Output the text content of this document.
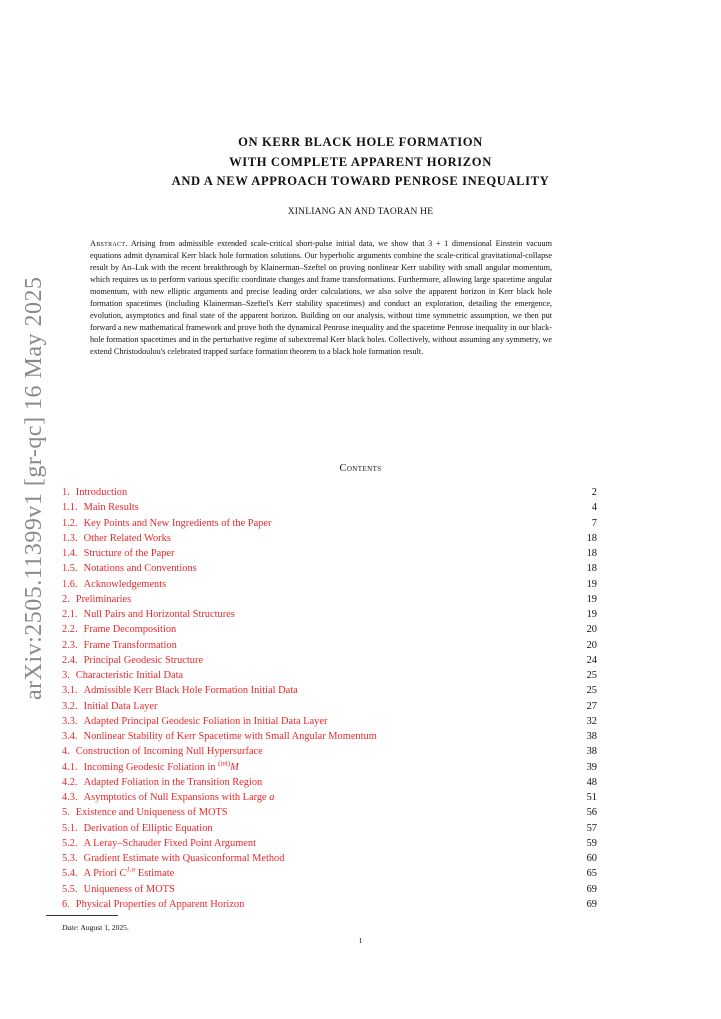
arXiv:2505.11399v1 [gr-qc] 16 May 2025
ON KERR BLACK HOLE FORMATION
WITH COMPLETE APPARENT HORIZON
AND A NEW APPROACH TOWARD PENROSE INEQUALITY
XINLIANG AN AND TAORAN HE
Abstract. Arising from admissible extended scale-critical short-pulse initial data, we show that 3 + 1 dimensional Einstein vacuum equations admit dynamical Kerr black hole formation solutions. Our hyperbolic arguments combine the scale-critical gravitational-collapse result by An–Luk with the recent breakthrough by Klainerman–Szeftel on proving nonlinear Kerr stability with small angular momentum, which requires us to perform various specific coordinate changes and frame transformations. Furthermore, allowing large spacetime angular momentum, with new elliptic arguments and precise leading order calculations, we also solve the apparent horizon in Kerr black hole formation spacetimes (including Klainerman–Szeftel's Kerr stability spacetimes) and conduct an exploration, detailing the emergence, evolution, asymptotics and final state of the apparent horizon. Building on our analysis, without time symmetric assumption, we then put forward a new mathematical framework and prove both the dynamical Penrose inequality and the spacetime Penrose inequality in our black-hole formation spacetimes and in the perturbative regime of subextremal Kerr black holes. Collectively, without assuming any symmetry, we extend Christodoulou's celebrated trapped surface formation theorem to a black hole formation result.
Contents
1. Introduction	2
1.1. Main Results	4
1.2. Key Points and New Ingredients of the Paper	7
1.3. Other Related Works	18
1.4. Structure of the Paper	18
1.5. Notations and Conventions	18
1.6. Acknowledgements	19
2. Preliminaries	19
2.1. Null Pairs and Horizontal Structures	19
2.2. Frame Decomposition	20
2.3. Frame Transformation	20
2.4. Principal Geodesic Structure	24
3. Characteristic Initial Data	25
3.1. Admissible Kerr Black Hole Formation Initial Data	25
3.2. Initial Data Layer	27
3.3. Adapted Principal Geodesic Foliation in Initial Data Layer	32
3.4. Nonlinear Stability of Kerr Spacetime with Small Angular Momentum	38
4. Construction of Incoming Null Hypersurface	38
4.1. Incoming Geodesic Foliation in $^{(int)}$M	39
4.2. Adapted Foliation in the Transition Region	48
4.3. Asymptotics of Null Expansions with Large a	51
5. Existence and Uniqueness of MOTS	56
5.1. Derivation of Elliptic Equation	57
5.2. A Leray–Schauder Fixed Point Argument	59
5.3. Gradient Estimate with Quasiconformal Method	60
5.4. A Priori $C^{1,\alpha}$ Estimate	65
5.5. Uniqueness of MOTS	69
6. Physical Properties of Apparent Horizon	69
Date: August 1, 2025.
1
